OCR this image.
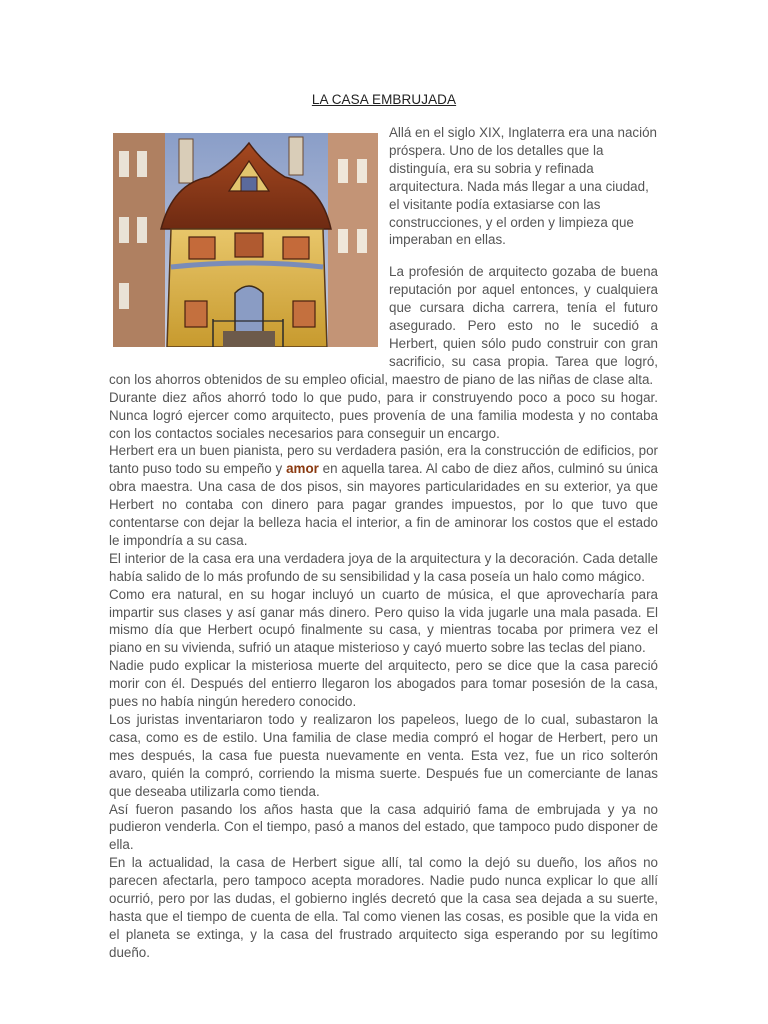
LA CASA EMBRUJADA

Allá en el siglo XIX, Inglaterra era una nación próspera. Uno de los detalles que la distinguía, era su sobria y refinada arquitectura. Nada más llegar a una ciudad, el visitante podía extasiarse con las construcciones, y el orden y limpieza que imperaban en ellas.

La profesión de arquitecto gozaba de buena reputación por aquel entonces, y cualquiera que cursara dicha carrera, tenía el futuro asegurado. Pero esto no le sucedió a Herbert, quien sólo pudo construir con gran sacrificio, su casa propia. Tarea que logró, con los ahorros obtenidos de su empleo oficial, maestro de piano de las niñas de clase alta.

Durante diez años ahorró todo lo que pudo, para ir construyendo poco a poco su hogar. Nunca logró ejercer como arquitecto, pues provenía de una familia modesta y no contaba con los contactos sociales necesarios para conseguir un encargo.

Herbert era un buen pianista, pero su verdadera pasión, era la construcción de edificios, por tanto puso todo su empeño y amor en aquella tarea. Al cabo de diez años, culminó su única obra maestra. Una casa de dos pisos, sin mayores particularidades en su exterior, ya que Herbert no contaba con dinero para pagar grandes impuestos, por lo que tuvo que contentarse con dejar la belleza hacia el interior, a fin de aminorar los costos que el estado le impondría a su casa.

El interior de la casa era una verdadera joya de la arquitectura y la decoración. Cada detalle había salido de lo más profundo de su sensibilidad y la casa poseía un halo como mágico.

Como era natural, en su hogar incluyó un cuarto de música, el que aprovecharía para impartir sus clases y así ganar más dinero. Pero quiso la vida jugarle una mala pasada. El mismo día que Herbert ocupó finalmente su casa, y mientras tocaba por primera vez el piano en su vivienda, sufrió un ataque misterioso y cayó muerto sobre las teclas del piano.

Nadie pudo explicar la misteriosa muerte del arquitecto, pero se dice que la casa pareció morir con él. Después del entierro llegaron los abogados para tomar posesión de la casa, pues no había ningún heredero conocido.

Los juristas inventariaron todo y realizaron los papeleos, luego de lo cual, subastaron la casa, como es de estilo. Una familia de clase media compró el hogar de Herbert, pero un mes después, la casa fue puesta nuevamente en venta. Esta vez, fue un rico solterón avaro, quién la compró, corriendo la misma suerte. Después fue un comerciante de lanas que deseaba utilizarla como tienda.

Así fueron pasando los años hasta que la casa adquirió fama de embrujada y ya no pudieron venderla. Con el tiempo, pasó a manos del estado, que tampoco pudo disponer de ella.

En la actualidad, la casa de Herbert sigue allí, tal como la dejó su dueño, los años no parecen afectarla, pero tampoco acepta moradores. Nadie pudo nunca explicar lo que allí ocurrió, pero por las dudas, el gobierno inglés decretó que la casa sea dejada a su suerte, hasta que el tiempo de cuenta de ella. Tal como vienen las cosas, es posible que la vida en el planeta se extinga, y la casa del frustrado arquitecto siga esperando por su legítimo dueño.
